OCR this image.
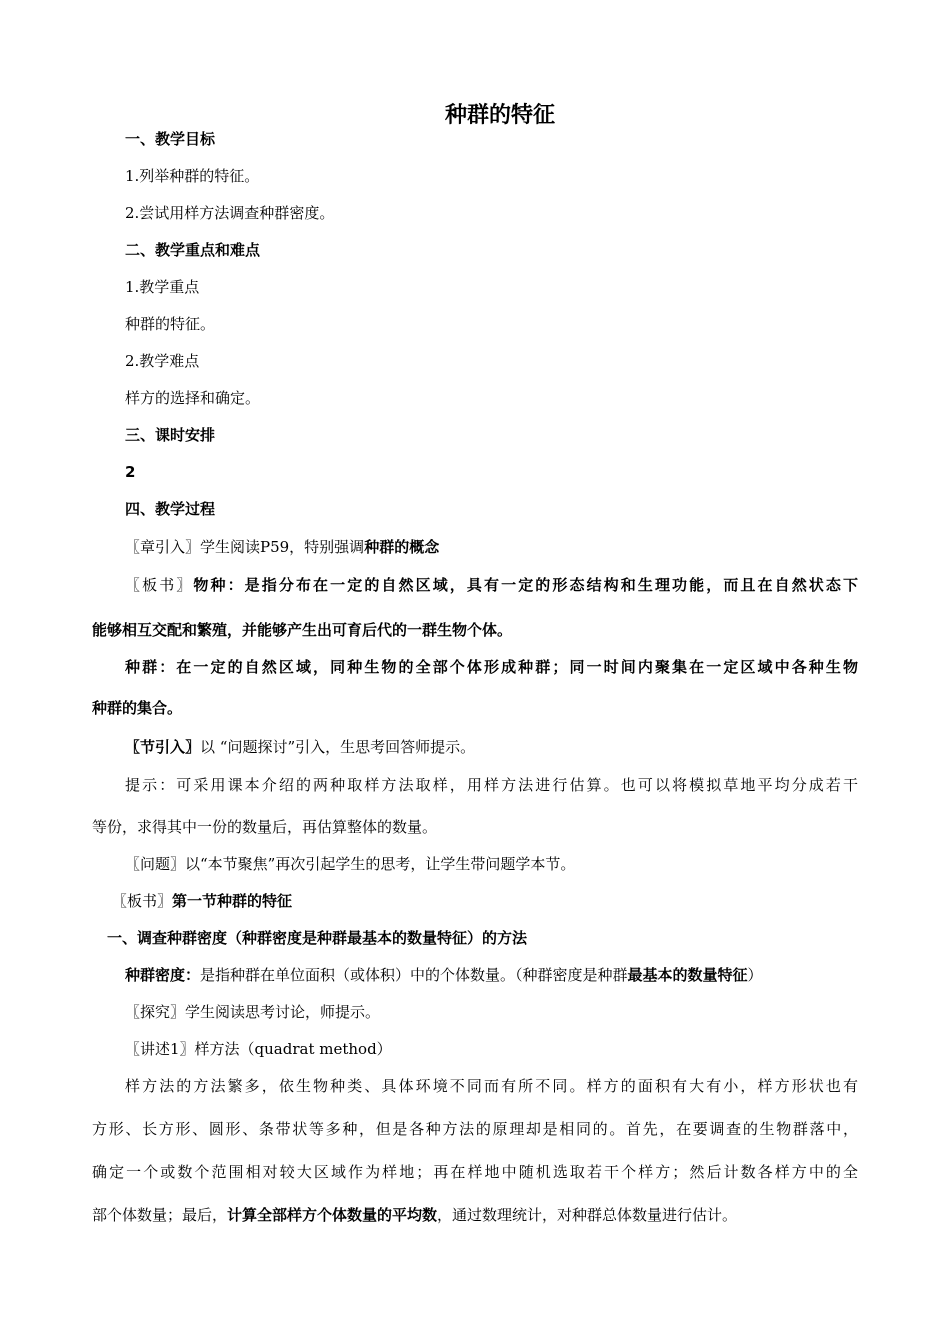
种群的特征
一、教学目标
1.列举种群的特征。
2.尝试用样方法调查种群密度。
二、教学重点和难点
1.教学重点
种群的特征。
2.教学难点
样方的选择和确定。
三、课时安排
2
四、教学过程
〖章引入〗学生阅读P59，特别强调种群的概念
〖板书〗物种：是指分布在一定的自然区域，具有一定的形态结构和生理功能，而且在自然状态下
能够相互交配和繁殖，并能够产生出可育后代的一群生物个体。
种群：在一定的自然区域，同种生物的全部个体形成种群；同一时间内聚集在一定区域中各种生物
种群的集合。
〖节引入〗以 “问题探讨”引入，生思考回答师提示。
提示：可采用课本介绍的两种取样方法取样，用样方法进行估算。也可以将模拟草地平均分成若干
等份，求得其中一份的数量后，再估算整体的数量。
〖问题〗以“本节聚焦”再次引起学生的思考，让学生带问题学本节。
〖板书〗第一节种群的特征
一、调查种群密度（种群密度是种群最基本的数量特征）的方法
种群密度：是指种群在单位面积（或体积）中的个体数量。（种群密度是种群最基本的数量特征）
〖探究〗学生阅读思考讨论，师提示。
〖讲述1〗样方法（quadrat method）
样方法的方法繁多，依生物种类、具体环境不同而有所不同。样方的面积有大有小，样方形状也有
方形、长方形、圆形、条带状等多种，但是各种方法的原理却是相同的。首先，在要调查的生物群落中，
确定一个或数个范围相对较大区域作为样地；再在样地中随机选取若干个样方；然后计数各样方中的全
部个体数量；最后，计算全部样方个体数量的平均数，通过数理统计，对种群总体数量进行估计。
